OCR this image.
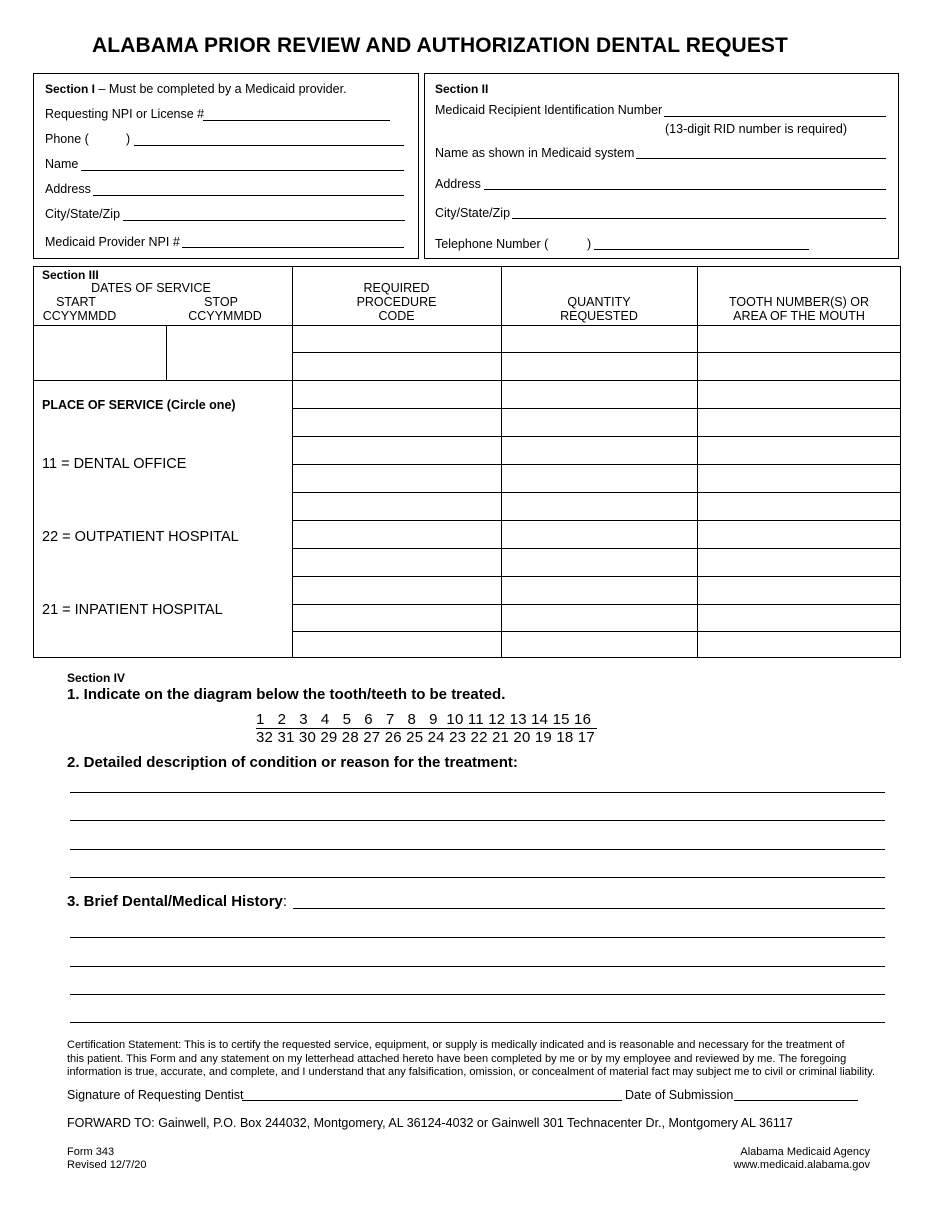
ALABAMA PRIOR REVIEW AND AUTHORIZATION DENTAL REQUEST
Section I – Must be completed by a Medicaid provider.
Requesting NPI or License #
Phone (	)
Name
Address
City/State/Zip
Medicaid Provider NPI #
Section II
Medicaid Recipient Identification Number
(13-digit RID number is required)
Name as shown in Medicaid system
Address
City/State/Zip
Telephone Number (	)
Section III
DATES OF SERVICE
START	STOP
CCYYMMDD	CCYYMMDD
REQUIRED
PROCEDURE
CODE
QUANTITY
REQUESTED
TOOTH NUMBER(S) OR
AREA OF THE MOUTH
PLACE OF SERVICE (Circle one)
11 = DENTAL OFFICE
22 = OUTPATIENT HOSPITAL
21 = INPATIENT HOSPITAL
Section IV
1. Indicate on the diagram below the tooth/teeth to be treated.
1   2   3   4   5   6   7   8   9  10 11 12 13 14 15 16
32 31 30 29 28 27 26 25 24 23 22 21 20 19 18 17
2. Detailed description of condition or reason for the treatment:
3. Brief Dental/Medical History:
Certification Statement: This is to certify the requested service, equipment, or supply is medically indicated and is reasonable and necessary for the treatment of
this patient. This Form and any statement on my letterhead attached hereto have been completed by me or by my employee and reviewed by me. The foregoing
information is true, accurate, and complete, and I understand that any falsification, omission, or concealment of material fact may subject me to civil or criminal liability.
Signature of Requesting Dentist	Date of Submission
FORWARD TO: Gainwell, P.O. Box 244032, Montgomery, AL 36124-4032 or Gainwell 301 Technacenter Dr., Montgomery AL 36117
Form 343
Revised 12/7/20
Alabama Medicaid Agency
www.medicaid.alabama.gov
